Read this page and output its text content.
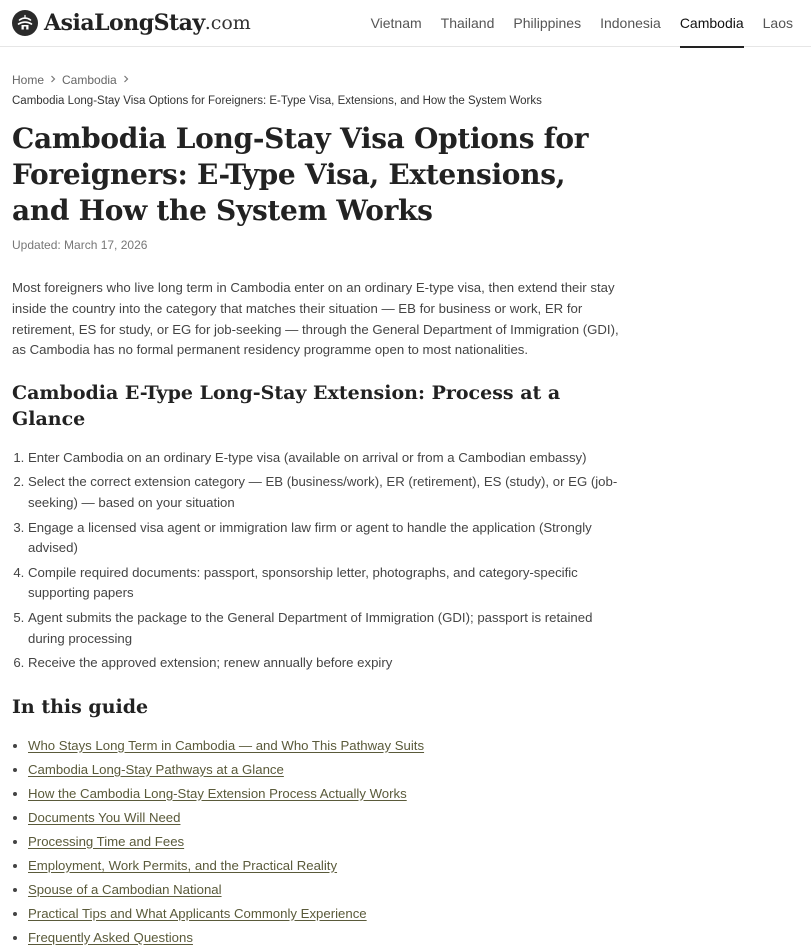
AsiaLongStay .com	Vietnam	Thailand	Philippines	Indonesia	Cambodia	Laos
Home Cambodia
Cambodia Long-Stay Visa Options for Foreigners: E-Type Visa, Extensions, and How the System Works
Cambodia Long-Stay Visa Options for Foreigners: E-Type Visa, Extensions, and How the System Works
Updated: March 17, 2026

Most foreigners who live long term in Cambodia enter on an ordinary E-type visa, then extend their stay inside the country into the category that matches their situation — EB for business or work, ER for retirement, ES for study, or EG for job-seeking — through the General Department of Immigration (GDI), as Cambodia has no formal permanent residency programme open to most nationalities.

Cambodia E-Type Long-Stay Extension: Process at a Glance
1. Enter Cambodia on an ordinary E-type visa (available on arrival or from a Cambodian embassy)
2. Select the correct extension category — EB (business/work), ER (retirement), ES (study), or EG (job-seeking) — based on your situation
3. Engage a licensed visa agent or immigration law firm or agent to handle the application (Strongly advised)
4. Compile required documents: passport, sponsorship letter, photographs, and category-specific supporting papers
5. Agent submits the package to the General Department of Immigration (GDI); passport is retained during processing
6. Receive the approved extension; renew annually before expiry
In this guide
• Who Stays Long Term in Cambodia — and Who This Pathway Suits
• Cambodia Long-Stay Pathways at a Glance
• How the Cambodia Long-Stay Extension Process Actually Works
• Documents You Will Need
• Processing Time and Fees
• Employment, Work Permits, and the Practical Reality
• Spouse of a Cambodian National
• Practical Tips and What Applicants Commonly Experience
• Frequently Asked Questions
